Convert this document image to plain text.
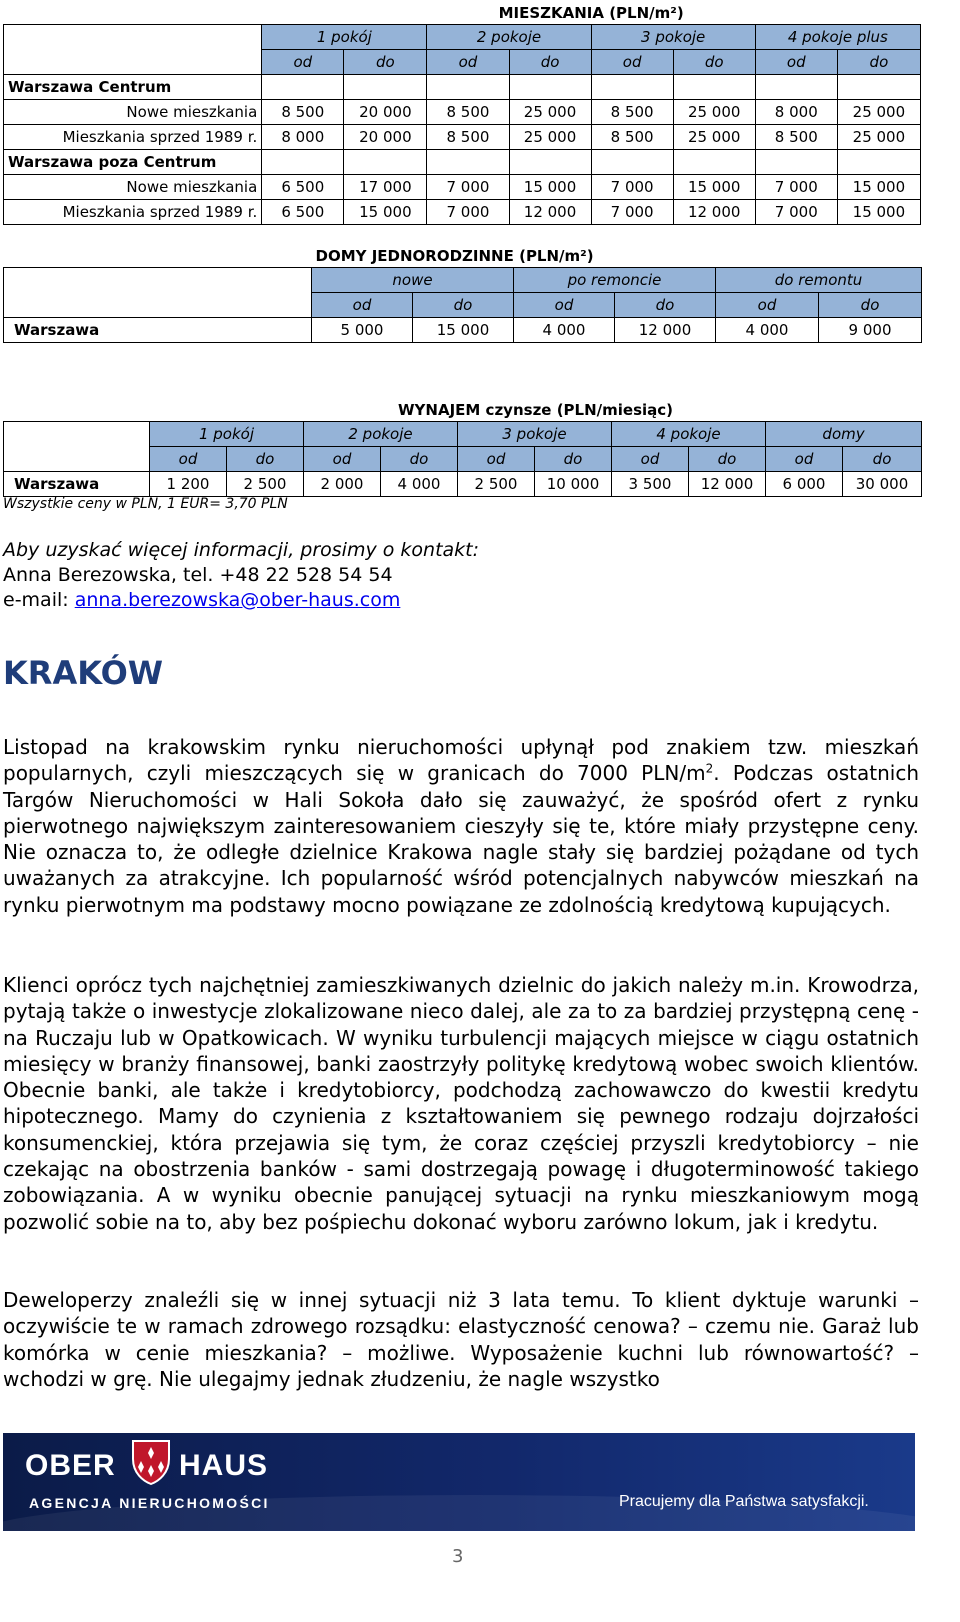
	MIESZKANIA (PLN/m²)							
	1 pokój		2 pokoje		3 pokoje		4 pokoje plus	
	od	do	od	do	od	do	od	do
Warszawa Centrum								
Nowe mieszkania	8 500	20 000	8 500	25 000	8 500	25 000	8 000	25 000
Mieszkania sprzed 1989 r.	8 000	20 000	8 500	25 000	8 500	25 000	8 500	25 000
Warszawa poza Centrum								
Nowe mieszkania	6 500	17 000	7 000	15 000	7 000	15 000	7 000	15 000
Mieszkania sprzed 1989 r.	6 500	15 000	7 000	12 000	7 000	12 000	7 000	15 000
	DOMY JEDNORODZINNE (PLN/m²)					
	nowe		po remoncie		do remontu	
	od	do	od	do	od	do
Warszawa	5 000	15 000	4 000	12 000	4 000	9 000
	WYNAJEM czynsze (PLN/miesiąc)									
	1 pokój		2 pokoje		3 pokoje		4 pokoje		domy	
	od	do	od	do	od	do	od	do	od	do
Warszawa	1 200	2 500	2 000	4 000	2 500	10 000	3 500	12 000	6 000	30 000
Wszystkie ceny w PLN, 1 EUR= 3,70 PLN
Aby uzyskać więcej informacji, prosimy o kontakt:
Anna Berezowska, tel. +48 22 528 54 54
e-mail: anna.berezowska@ober-haus.com
KRAKÓW

Listopad na krakowskim rynku nieruchomości upłynął pod znakiem tzw. mieszkań popularnych, czyli mieszczących się w granicach do 7000 PLN/$m^2$. Podczas ostatnich Targów Nieruchomości w Hali Sokoła dało się zauważyć, że spośród ofert z rynku pierwotnego największym zainteresowaniem cieszyły się te, które miały przystępne ceny. Nie oznacza to, że odległe dzielnice Krakowa nagle stały się bardziej pożądane od tych uważanych za atrakcyjne. Ich popularność wśród potencjalnych nabywców mieszkań na rynku pierwotnym ma podstawy mocno powiązane ze zdolnością kredytową kupujących.

Klienci oprócz tych najchętniej zamieszkiwanych dzielnic do jakich należy m.in. Krowodrza, pytają także o inwestycje zlokalizowane nieco dalej, ale za to za bardziej przystępną cenę - na Ruczaju lub w Opatkowicach. W wyniku turbulencji mających miejsce w ciągu ostatnich miesięcy w branży finansowej, banki zaostrzyły politykę kredytową wobec swoich klientów. Obecnie banki, ale także i kredytobiorcy, podchodzą zachowawczo do kwestii kredytu hipotecznego. Mamy do czynienia z kształtowaniem się pewnego rodzaju dojrzałości konsumenckiej, która przejawia się tym, że coraz częściej przyszli kredytobiorcy – nie czekając na obostrzenia banków - sami dostrzegają powagę i długoterminowość takiego zobowiązania. A w wyniku obecnie panującej sytuacji na rynku mieszkaniowym mogą pozwolić sobie na to, aby bez pośpiechu dokonać wyboru zarówno lokum, jak i kredytu.

Deweloperzy znaleźli się w innej sytuacji niż 3 lata temu. To klient dyktuje warunki – oczywiście te w ramach zdrowego rozsądku: elastyczność cenowa? – czemu nie. Garaż lub komórka w cenie mieszkania? – możliwe. Wyposażenie kuchni lub równowartość? – wchodzi w grę. Nie ulegajmy jednak złudzeniu, że nagle wszystko

OBER HAUS
AGENCJA NIERUCHOMOŚCI	Pracujemy dla Państwa satysfakcji.
3
